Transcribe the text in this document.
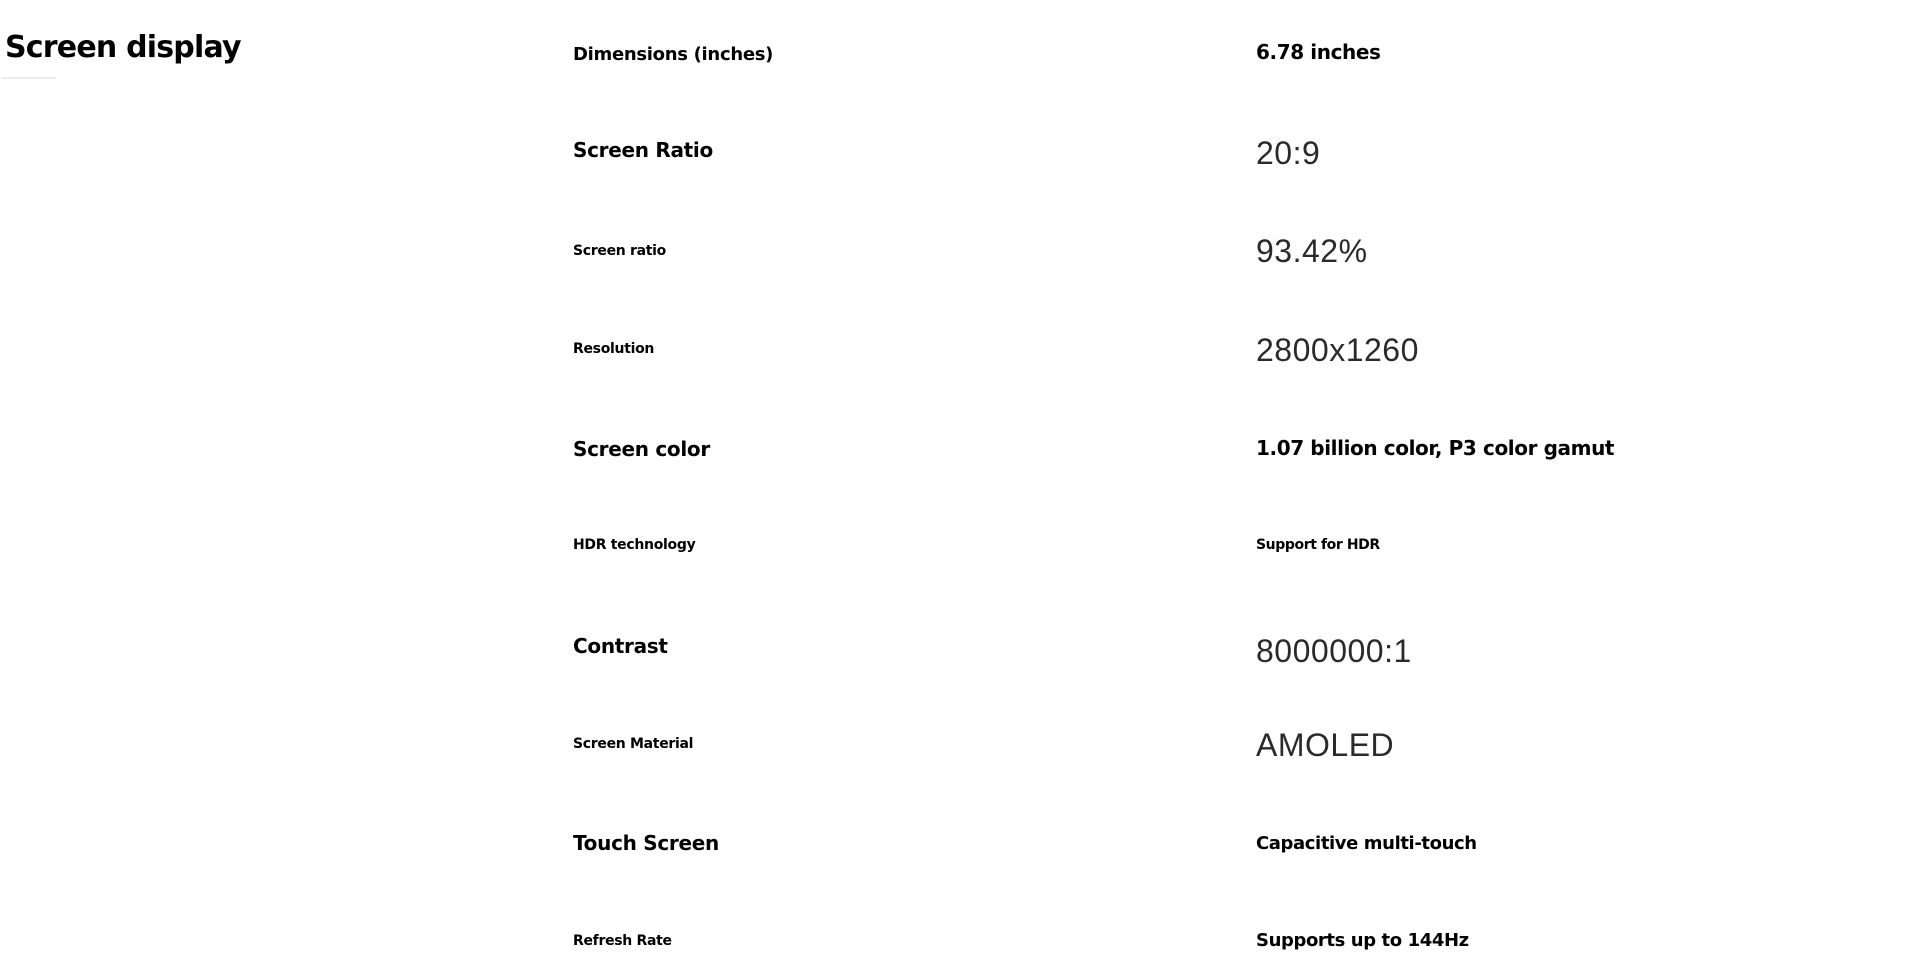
Screen display	Dimensions (inches)	6.78 inches
Screen Ratio	20:9
Screen ratio	93.42%
Resolution	2800x1260
Screen color	1.07 billion color, P3 color gamut
HDR technology	Support for HDR
Contrast	8000000:1
Screen Material	AMOLED
Touch Screen	Capacitive multi-touch
Refresh Rate	Supports up to 144Hz
